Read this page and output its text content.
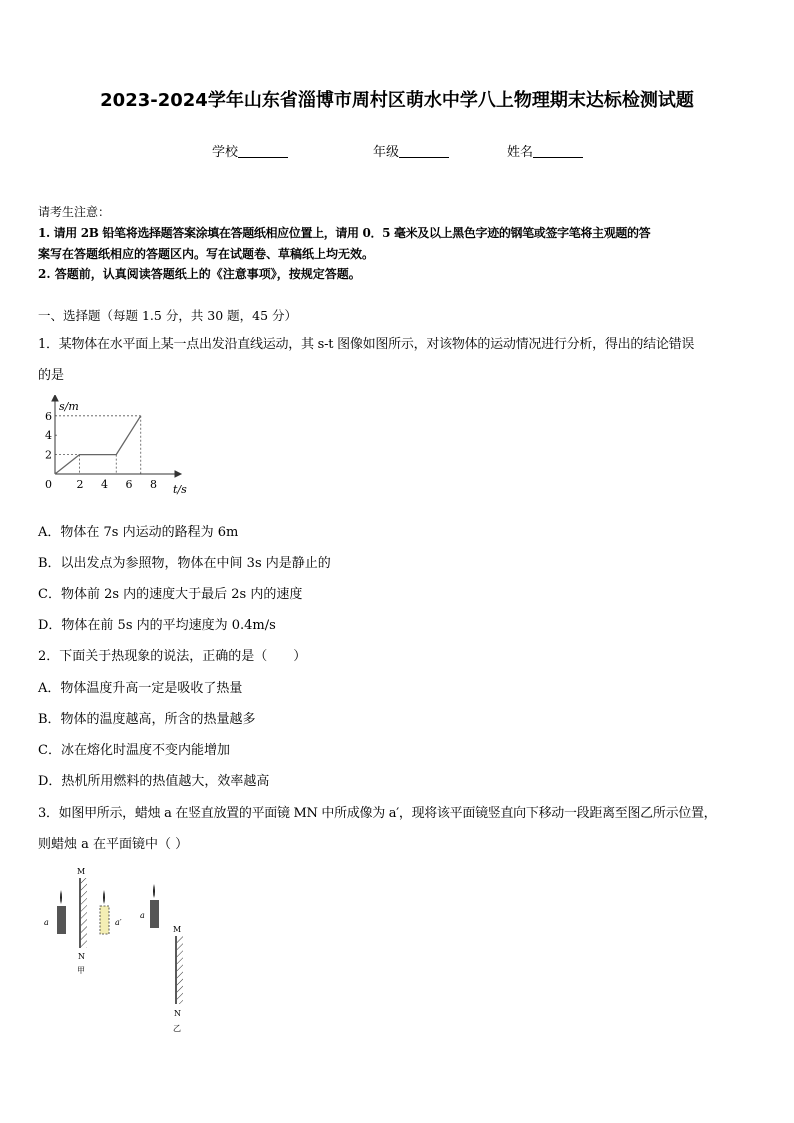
2023-2024学年山东省淄博市周村区萌水中学八上物理期末达标检测试题
学校	年级	姓名
请考生注意：
1. 请用 2B 铅笔将选择题答案涂填在答题纸相应位置上，请用 0．5 毫米及以上黑色字迹的钢笔或签字笔将主观题的答
案写在答题纸相应的答题区内。写在试题卷、草稿纸上均无效。
2. 答题前，认真阅读答题纸上的《注意事项》，按规定答题。
一、选择题（每题 1.5 分，共 30 题，45 分）
1．某物体在水平面上某一点出发沿直线运动，其 s-t 图像如图所示，对该物体的运动情况进行分析，得出的结论错误
的是
s/m
t/s
0 2 4 6 8
2
4
6
A．物体在 7s 内运动的路程为 6m
B．以出发点为参照物，物体在中间 3s 内是静止的
C．物体前 2s 内的速度大于最后 2s 内的速度
D．物体在前 5s 内的平均速度为 0.4m/s
2．下面关于热现象的说法，正确的是（　　）
A．物体温度升高一定是吸收了热量
B．物体的温度越高，所含的热量越多
C．冰在熔化时温度不变内能增加
D．热机所用燃料的热值越大，效率越高
3．如图甲所示，蜡烛 a 在竖直放置的平面镜 MN 中所成像为 a′，现将该平面镜竖直向下移动一段距离至图乙所示位置，
则蜡烛 a 在平面镜中（ ）
M
N
甲
a	a′
a
M
N
乙
